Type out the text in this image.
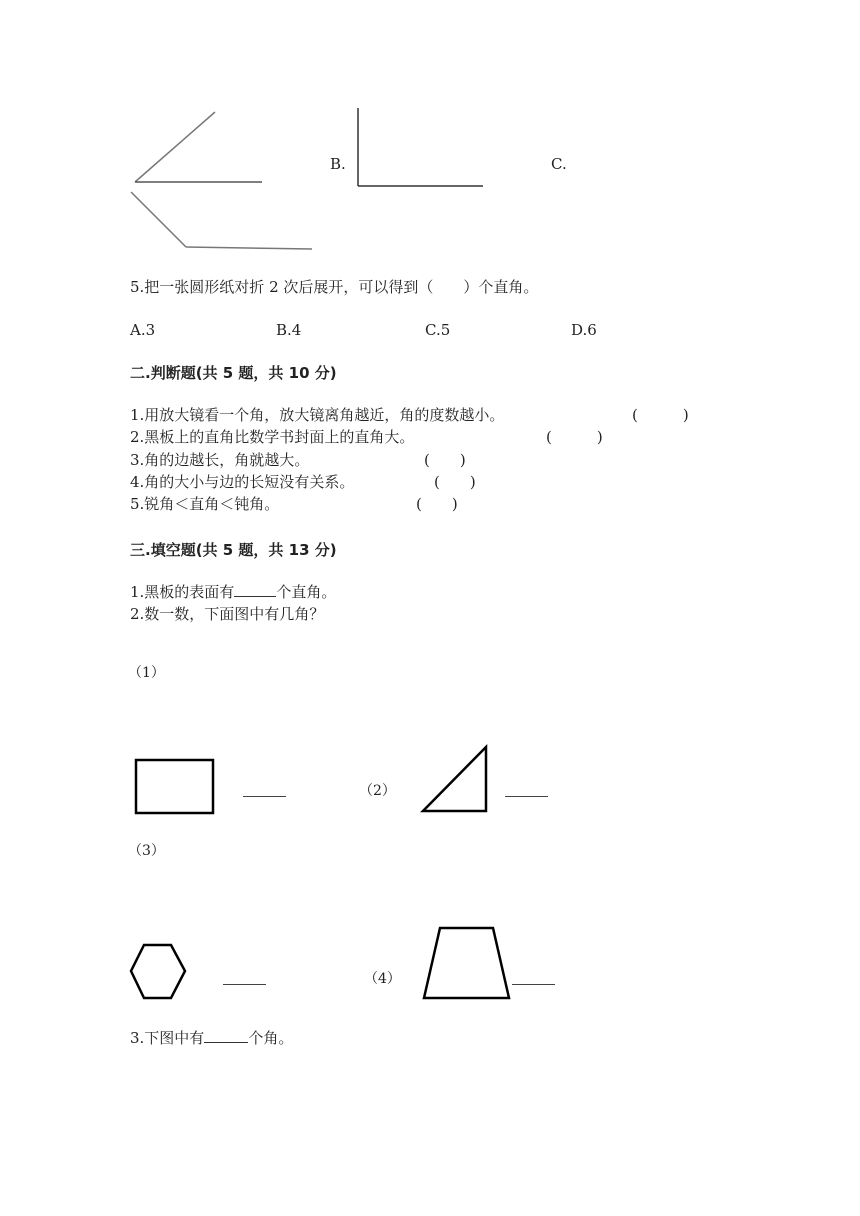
B.	C.
5.把一张圆形纸对折 2 次后展开，可以得到（　　）个直角。
A.3	B.4	C.5	D.6
二.判断题(共 5 题，共 10 分)
1.用放大镜看一个角，放大镜离角越近，角的度数越小。	(　　　)
2.黑板上的直角比数学书封面上的直角大。	(　　　)
3.角的边越长，角就越大。	(　　)
4.角的大小与边的长短没有关系。	(　　)
5.锐角＜直角＜钝角。	(　　)
三.填空题(共 5 题，共 13 分)
1.黑板的表面有	个直角。
2.数一数，下面图中有几角？
（1）
（2）
（3）
（4）
3.下图中有	个角。
